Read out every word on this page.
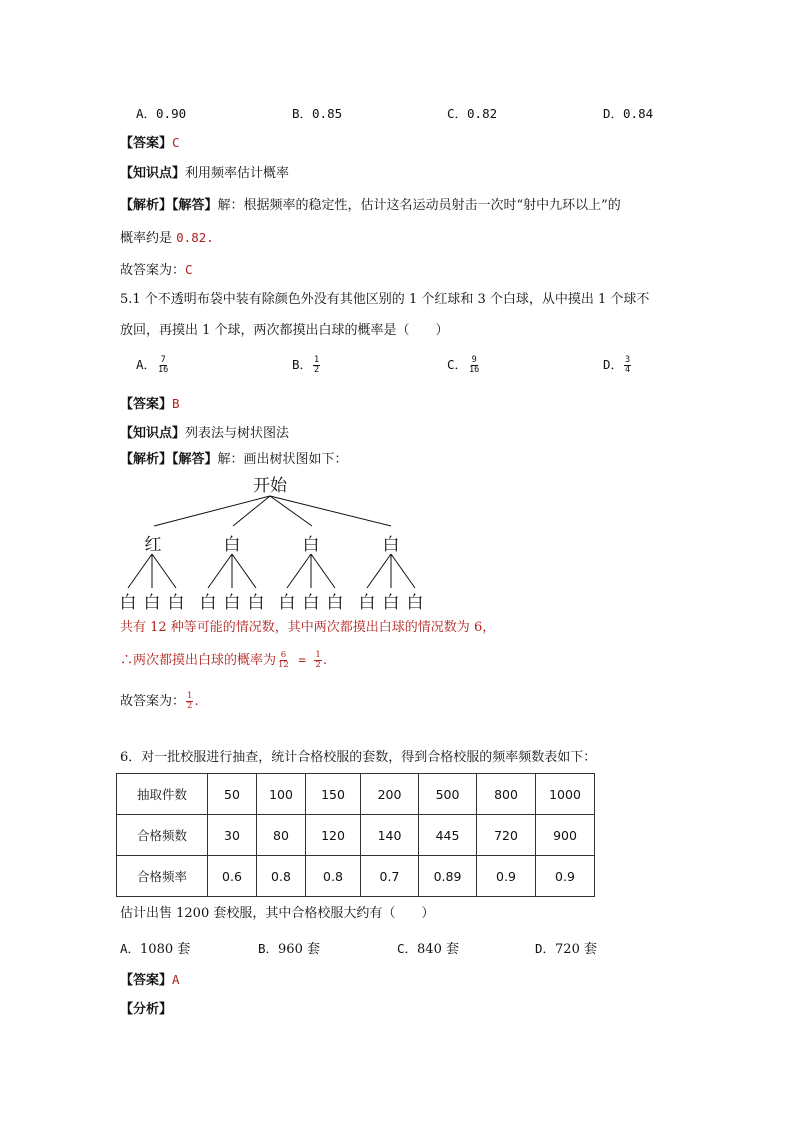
A．0.90	B．0.85	C．0.82	D．0.84
【答案】C
【知识点】利用频率估计概率
【解析】【解答】解：根据频率的稳定性，估计这名运动员射击一次时“射中九环以上”的
概率约是 0.82.
故答案为：C
5.1 个不透明布袋中装有除颜色外没有其他区别的 1 个红球和 3 个白球，从中摸出 1 个球不
放回，再摸出 1 个球，两次都摸出白球的概率是（　　）
A． $\frac{7}{16}$	B． $\frac{1}{2}$	C． $\frac{9}{16}$	D． $\frac{3}{4}$
【答案】B
【知识点】列表法与树状图法
【解析】【解答】解：画出树状图如下：
开始
红	白	白	白
白 白 白 白 白 白 白 白 白 白 白 白
共有 12 种等可能的情况数，其中两次都摸出白球的情况数为 6，
∴两次都摸出白球的概率为 $\frac{6}{12} = \frac{1}{2}$ .
故答案为： $\frac{1}{2}$ .
6．对一批校服进行抽查，统计合格校服的套数，得到合格校服的频率频数表如下：
抽取件数	50	100	150	200	500	800	1000
合格频数	30	80	120	140	445	720	900
合格频率	0.6	0.8	0.8	0.7	0.89	0.9	0.9
估计出售 1200 套校服，其中合格校服大约有（　　）
A．1080 套	B．960 套	C．840 套	D．720 套
【答案】A
【分析】
